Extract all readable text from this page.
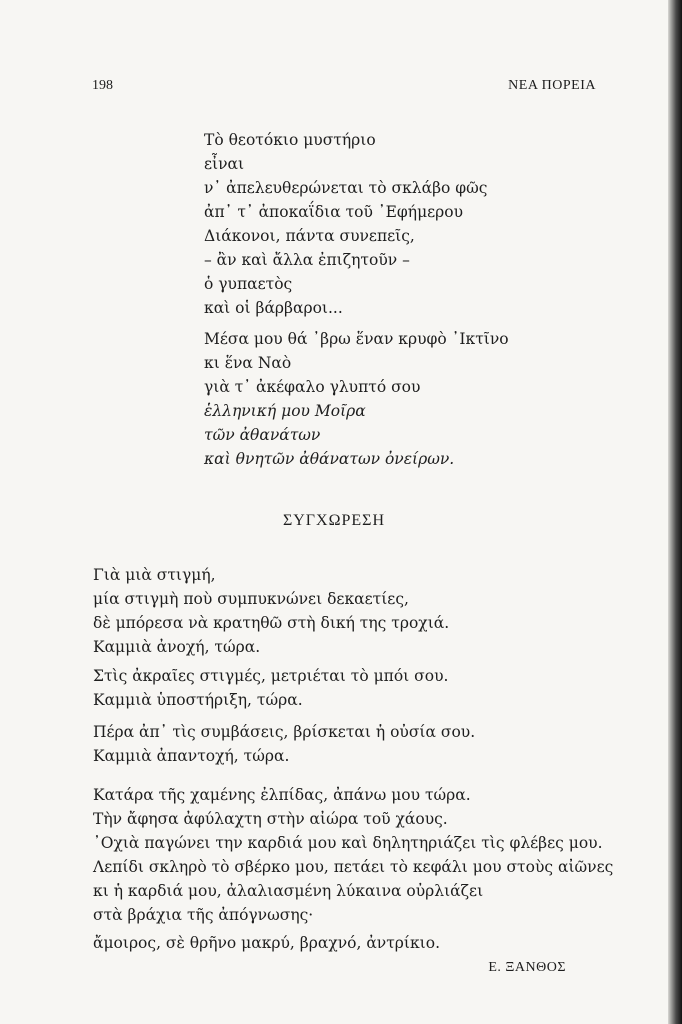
198	ΝΕΑ ΠΟΡΕΙΑ
Τὸ θεοτόκιο μυστήριο
εἶναι
ν᾽ ἀπελευθερώνεται τὸ σκλάβο φῶς
ἀπ᾽ τ᾽ ἀποκαΐδια τοῦ ᾽Εφήμερου
Διάκονοι, πάντα συνεπεῖς,
– ἂν καὶ ἄλλα ἐπιζητοῦν –
ὁ γυπαετὸς
καὶ οἱ βάρβαροι...
Μέσα μου θά ᾽βρω ἕναν κρυφὸ ᾽Ικτῖνο
κι ἕνα Ναὸ
γιὰ τ᾽ ἀκέφαλο γλυπτό σου
ἑλληνική μου Μοῖρα
τῶν ἀθανάτων
καὶ θνητῶν ἀθάνατων ὀνείρων.
ΣΥΓΧΩΡΕΣΗ
Γιὰ μιὰ στιγμή,
μία στιγμὴ ποὺ συμπυκνώνει δεκαετίες,
δὲ μπόρεσα νὰ κρατηθῶ στὴ δική της τροχιά.
Καμμιὰ ἀνοχή, τώρα.
Στὶς ἀκραῖες στιγμές, μετριέται τὸ μπόι σου.
Καμμιὰ ὑποστήριξη, τώρα.
Πέρα ἀπ᾽ τὶς συμβάσεις, βρίσκεται ἡ οὐσία σου.
Καμμιὰ ἀπαντοχή, τώρα.
Κατάρα τῆς χαμένης ἐλπίδας, ἀπάνω μου τώρα.
Τὴν ἄφησα ἀφύλαχτη στὴν αἰώρα τοῦ χάους.
᾽Οχιὰ παγώνει την καρδιά μου καὶ δηλητηριάζει τὶς φλέβες μου.
Λεπίδι σκληρὸ τὸ σβέρκο μου, πετάει τὸ κεφάλι μου στοὺς αἰῶνες
κι ἡ καρδιά μου, ἀλαλιασμένη λύκαινα οὐρλιάζει
στὰ βράχια τῆς ἀπόγνωσης·
ἄμοιρος, σὲ θρῆνο μακρύ, βραχνό, ἀντρίκιο.
Ε. ΞΑΝΘΟΣ
